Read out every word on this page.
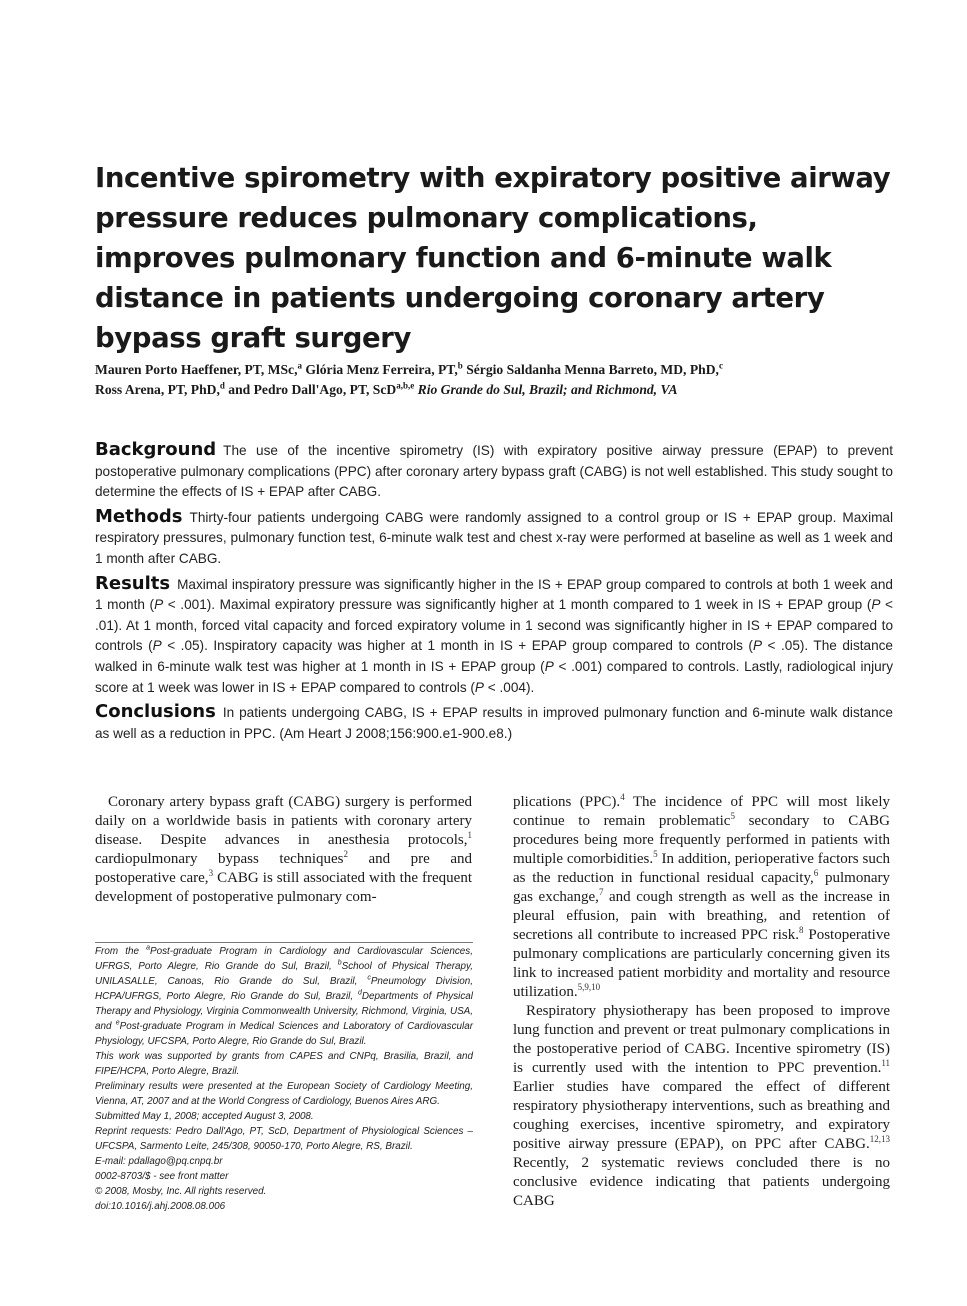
Incentive spirometry with expiratory positive airway pressure reduces pulmonary complications, improves pulmonary function and 6-minute walk distance in patients undergoing coronary artery bypass graft surgery

Mauren Porto Haeffener, PT, MSc,$^a$ Glória Menz Ferreira, PT,$^b$ Sérgio Saldanha Menna Barreto, MD, PhD,$^c$
Ross Arena, PT, PhD,$^d$ and Pedro Dall'Ago, PT, ScD$^{a,b,e}$ Rio Grande do Sul, Brazil; and Richmond, VA

Background The use of the incentive spirometry (IS) with expiratory positive airway pressure (EPAP) to prevent postoperative pulmonary complications (PPC) after coronary artery bypass graft (CABG) is not well established. This study sought to determine the effects of IS + EPAP after CABG.

Methods Thirty-four patients undergoing CABG were randomly assigned to a control group or IS + EPAP group. Maximal respiratory pressures, pulmonary function test, 6-minute walk test and chest x-ray were performed at baseline as well as 1 week and 1 month after CABG.

Results Maximal inspiratory pressure was significantly higher in the IS + EPAP group compared to controls at both 1 week and 1 month (P < .001). Maximal expiratory pressure was significantly higher at 1 month compared to 1 week in IS + EPAP group (P < .01). At 1 month, forced vital capacity and forced expiratory volume in 1 second was significantly higher in IS + EPAP compared to controls (P < .05). Inspiratory capacity was higher at 1 month in IS + EPAP group compared to controls (P < .05). The distance walked in 6-minute walk test was higher at 1 month in IS + EPAP group (P < .001) compared to controls. Lastly, radiological injury score at 1 week was lower in IS + EPAP compared to controls (P < .004).

Conclusions In patients undergoing CABG, IS + EPAP results in improved pulmonary function and 6-minute walk distance as well as a reduction in PPC. (Am Heart J 2008;156:900.e1-900.e8.)

Coronary artery bypass graft (CABG) surgery is performed daily on a worldwide basis in patients with coronary artery disease. Despite advances in anesthesia protocols,$^1$ cardiopulmonary bypass techniques$^2$ and pre and postoperative care,$^3$ CABG is still associated with the frequent development of postoperative pulmonary com-

From the $^a$Post-graduate Program in Cardiology and Cardiovascular Sciences, UFRGS, Porto Alegre, Rio Grande do Sul, Brazil, $^b$School of Physical Therapy, UNILASALLE, Canoas, Rio Grande do Sul, Brazil, $^c$Pneumology Division, HCPA/UFRGS, Porto Alegre, Rio Grande do Sul, Brazil, $^d$Departments of Physical Therapy and Physiology, Virginia Commonwealth University, Richmond, Virginia, USA, and $^e$Post-graduate Program in Medical Sciences and Laboratory of Cardiovascular Physiology, UFCSPA, Porto Alegre, Rio Grande do Sul, Brazil.

This work was supported by grants from CAPES and CNPq, Brasilia, Brazil, and FIPE/HCPA, Porto Alegre, Brazil.

Preliminary results were presented at the European Society of Cardiology Meeting, Vienna, AT, 2007 and at the World Congress of Cardiology, Buenos Aires ARG.

Submitted May 1, 2008; accepted August 3, 2008.

Reprint requests: Pedro Dall'Ago, PT, ScD, Department of Physiological Sciences – UFCSPA, Sarmento Leite, 245/308, 90050-170, Porto Alegre, RS, Brazil.

E-mail: pdallago@pq.cnpq.br

0002-8703/$ - see front matter

© 2008, Mosby, Inc. All rights reserved.

doi:10.1016/j.ahj.2008.08.006

plications (PPC).$^4$ The incidence of PPC will most likely continue to remain problematic$^5$ secondary to CABG procedures being more frequently performed in patients with multiple comorbidities.$^5$ In addition, perioperative factors such as the reduction in functional residual capacity,$^6$ pulmonary gas exchange,$^7$ and cough strength as well as the increase in pleural effusion, pain with breathing, and retention of secretions all contribute to increased PPC risk.$^8$ Postoperative pulmonary complications are particularly concerning given its link to increased patient morbidity and mortality and resource utilization.$^{5,9,10}$

Respiratory physiotherapy has been proposed to improve lung function and prevent or treat pulmonary complications in the postoperative period of CABG. Incentive spirometry (IS) is currently used with the intention to PPC prevention.$^{11}$ Earlier studies have compared the effect of different respiratory physiotherapy interventions, such as breathing and coughing exercises, incentive spirometry, and expiratory positive airway pressure (EPAP), on PPC after CABG.$^{12,13}$ Recently, 2 systematic reviews concluded there is no conclusive evidence indicating that patients undergoing CABG
